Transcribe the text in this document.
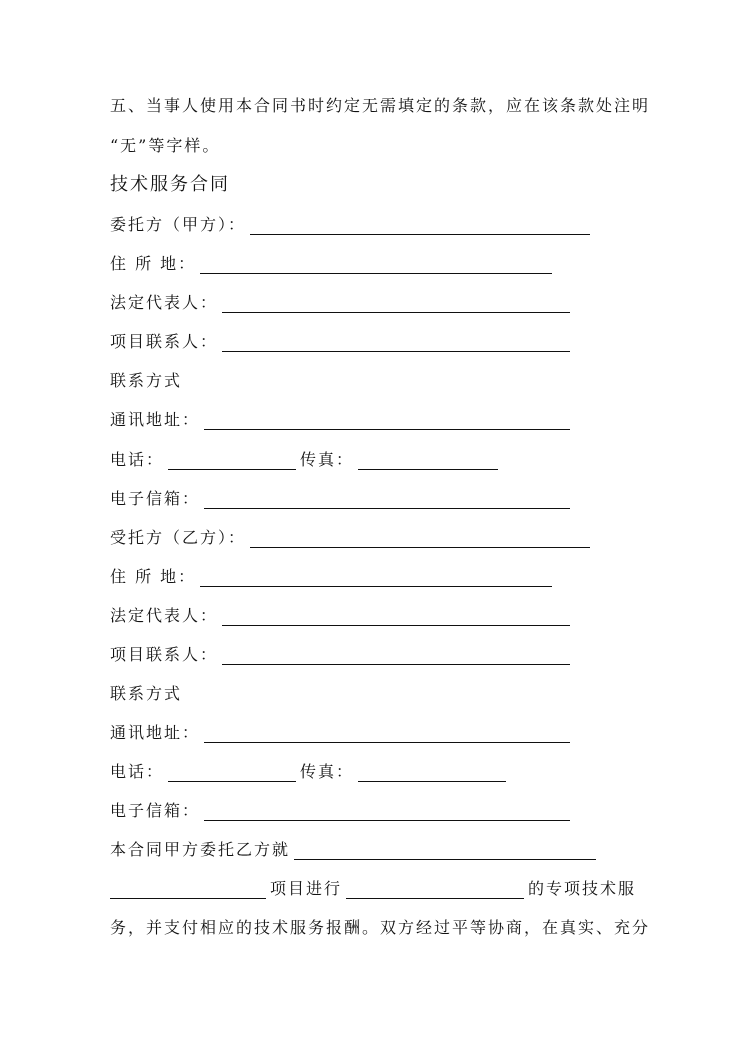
五、当事人使用本合同书时约定无需填定的条款，应在该条款处注明
“无”等字样。
技术服务合同
委托方（甲方）：
住 所 地：
法定代表人：
项目联系人：
联系方式
通讯地址：
电话：	传真：
电子信箱：
受托方（乙方）：
住 所 地：
法定代表人：
项目联系人：
联系方式
通讯地址：
电话：	传真：
电子信箱：
本合同甲方委托乙方就
项目进行	的专项技术服
务，并支付相应的技术服务报酬。双方经过平等协商，在真实、充分
